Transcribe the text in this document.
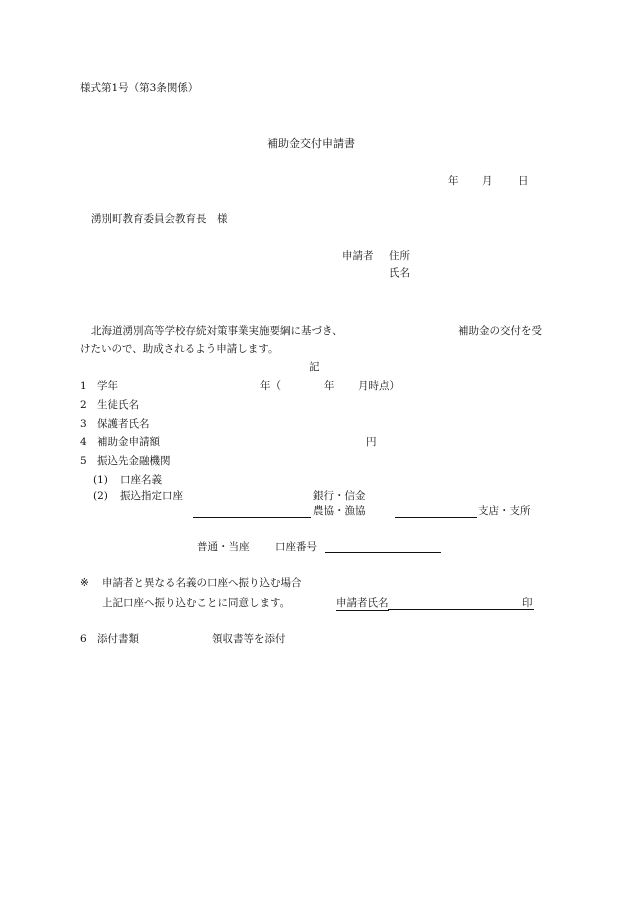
様式第1号（第3条関係）
補助金交付申請書
年 月 日
湧別町教育委員会教育長　様
申請者 住所
氏名
北海道湧別高等学校存続対策事業実施要綱に基づき、	補助金の交付を受
けたいので、助成されるよう申請します。
記
1 学年	年（	年 月時点）
2 生徒氏名
3 保護者氏名
4 補助金申請額	円
5 振込先金融機関
(1) 口座名義
(2) 振込指定口座	銀行・信金
農協・漁協	支店・支所
普通・当座 口座番号
※ 申請者と異なる名義の口座へ振り込む場合
上記口座へ振り込むことに同意します。	申請者氏名	印
6 添付書類	領収書等を添付
